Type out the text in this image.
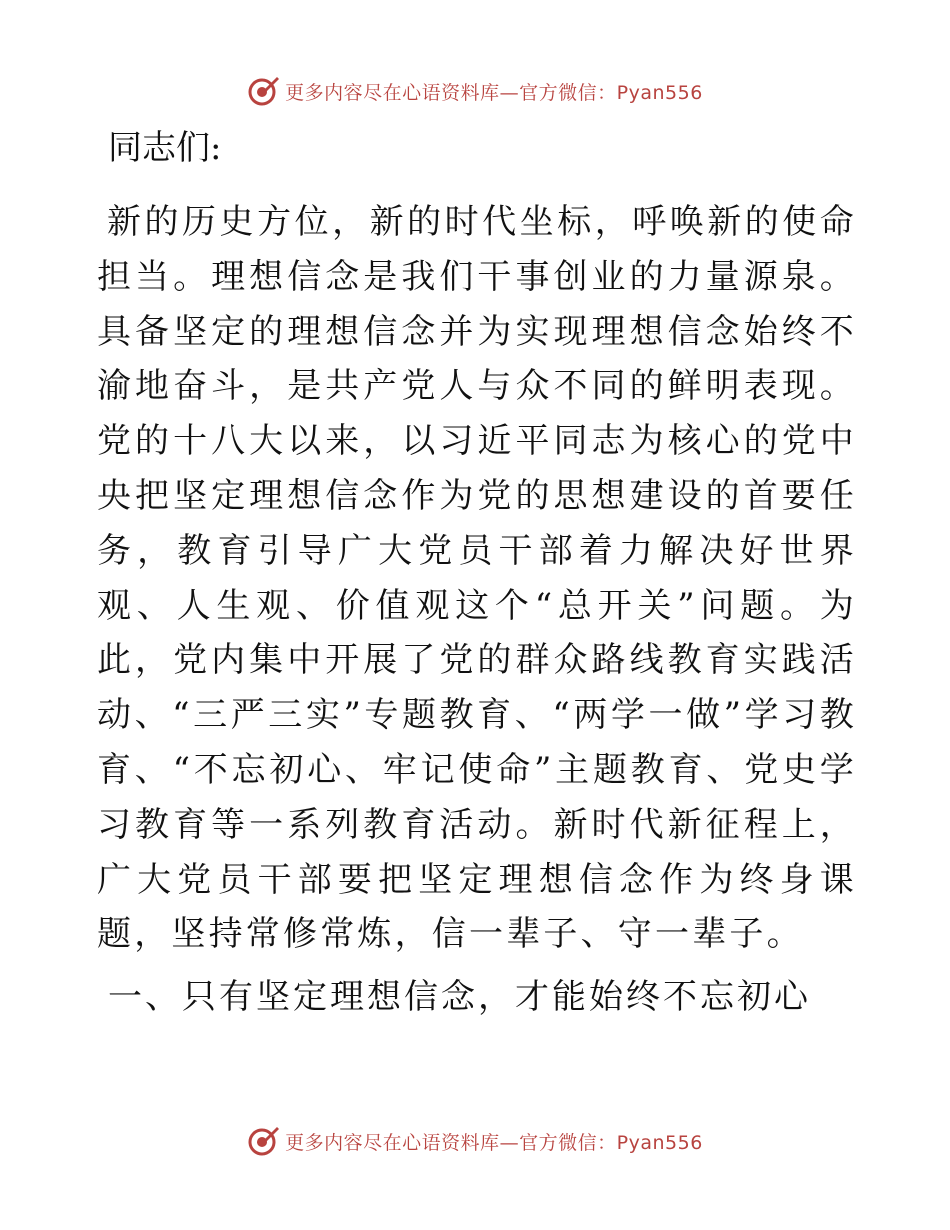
更多内容尽在心语资料库—官方微信：Pyan556
同志们:
新的历史方位，新的时代坐标，呼唤新的使命担当。理想信念是我们干事创业的力量源泉。具备坚定的理想信念并为实现理想信念始终不渝地奋斗，是共产党人与众不同的鲜明表现。党的十八大以来，以习近平同志为核心的党中央把坚定理想信念作为党的思想建设的首要任务，教育引导广大党员干部着力解决好世界观、人生观、价值观这个“总开关”问题。为此，党内集中开展了党的群众路线教育实践活动、“三严三实”专题教育、“两学一做”学习教育、“不忘初心、牢记使命”主题教育、党史学习教育等一系列教育活动。新时代新征程上，广大党员干部要把坚定理想信念作为终身课题，坚持常修常炼，信一辈子、守一辈子。
一、只有坚定理想信念，才能始终不忘初心
更多内容尽在心语资料库—官方微信：Pyan556
